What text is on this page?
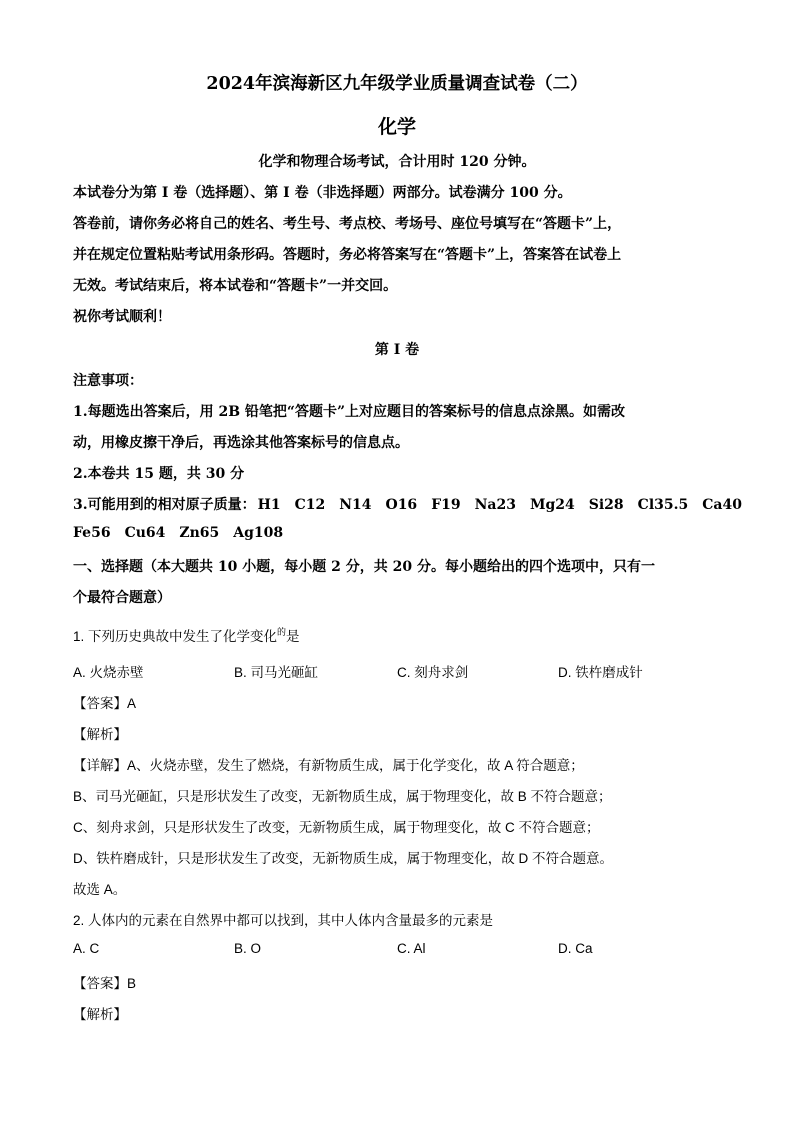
2024年滨海新区九年级学业质量调查试卷（二）
化学
化学和物理合场考试，合计用时 120 分钟。
本试卷分为第 I 卷（选择题）、第 I 卷（非选择题）两部分。试卷满分 100 分。
答卷前，请你务必将自己的姓名、考生号、考点校、考场号、座位号填写在“答题卡”上，
并在规定位置粘贴考试用条形码。答题时，务必将答案写在“答题卡”上，答案答在试卷上
无效。考试结束后，将本试卷和“答题卡”一并交回。
祝你考试顺利！
第 I 卷
注意事项：
1.每题选出答案后，用 2B 铅笔把“答题卡”上对应题目的答案标号的信息点涂黑。如需改
动，用橡皮擦干净后，再选涂其他答案标号的信息点。
2.本卷共 15 题，共 30 分
3.可能用到的相对原子质量： H1 C12 N14 O16 F19 Na23 Mg24 Si28 Cl35.5 Ca40
Fe56 Cu64 Zn65 Ag108
一、选择题（本大题共 10 小题，每小题 2 分，共 20 分。每小题给出的四个选项中，只有一
个最符合题意）
1. 下列历史典故中发生了化学变化$^的$是
A. 火烧赤壁	B. 司马光砸缸	C. 刻舟求剑	D. 铁杵磨成针
【答案】A
【解析】
【详解】A、火烧赤壁，发生了燃烧，有新物质生成，属于化学变化，故 A 符合题意；
B、司马光砸缸，只是形状发生了改变，无新物质生成，属于物理变化，故 B 不符合题意；
C、刻舟求剑，只是形状发生了改变，无新物质生成，属于物理变化，故 C 不符合题意；
D、铁杵磨成针，只是形状发生了改变，无新物质生成，属于物理变化，故 D 不符合题意。
故选 A。
2. 人体内的元素在自然界中都可以找到，其中人体内含量最多的元素是
A. C	B. O	C. Al	D. Ca
【答案】B
【解析】
